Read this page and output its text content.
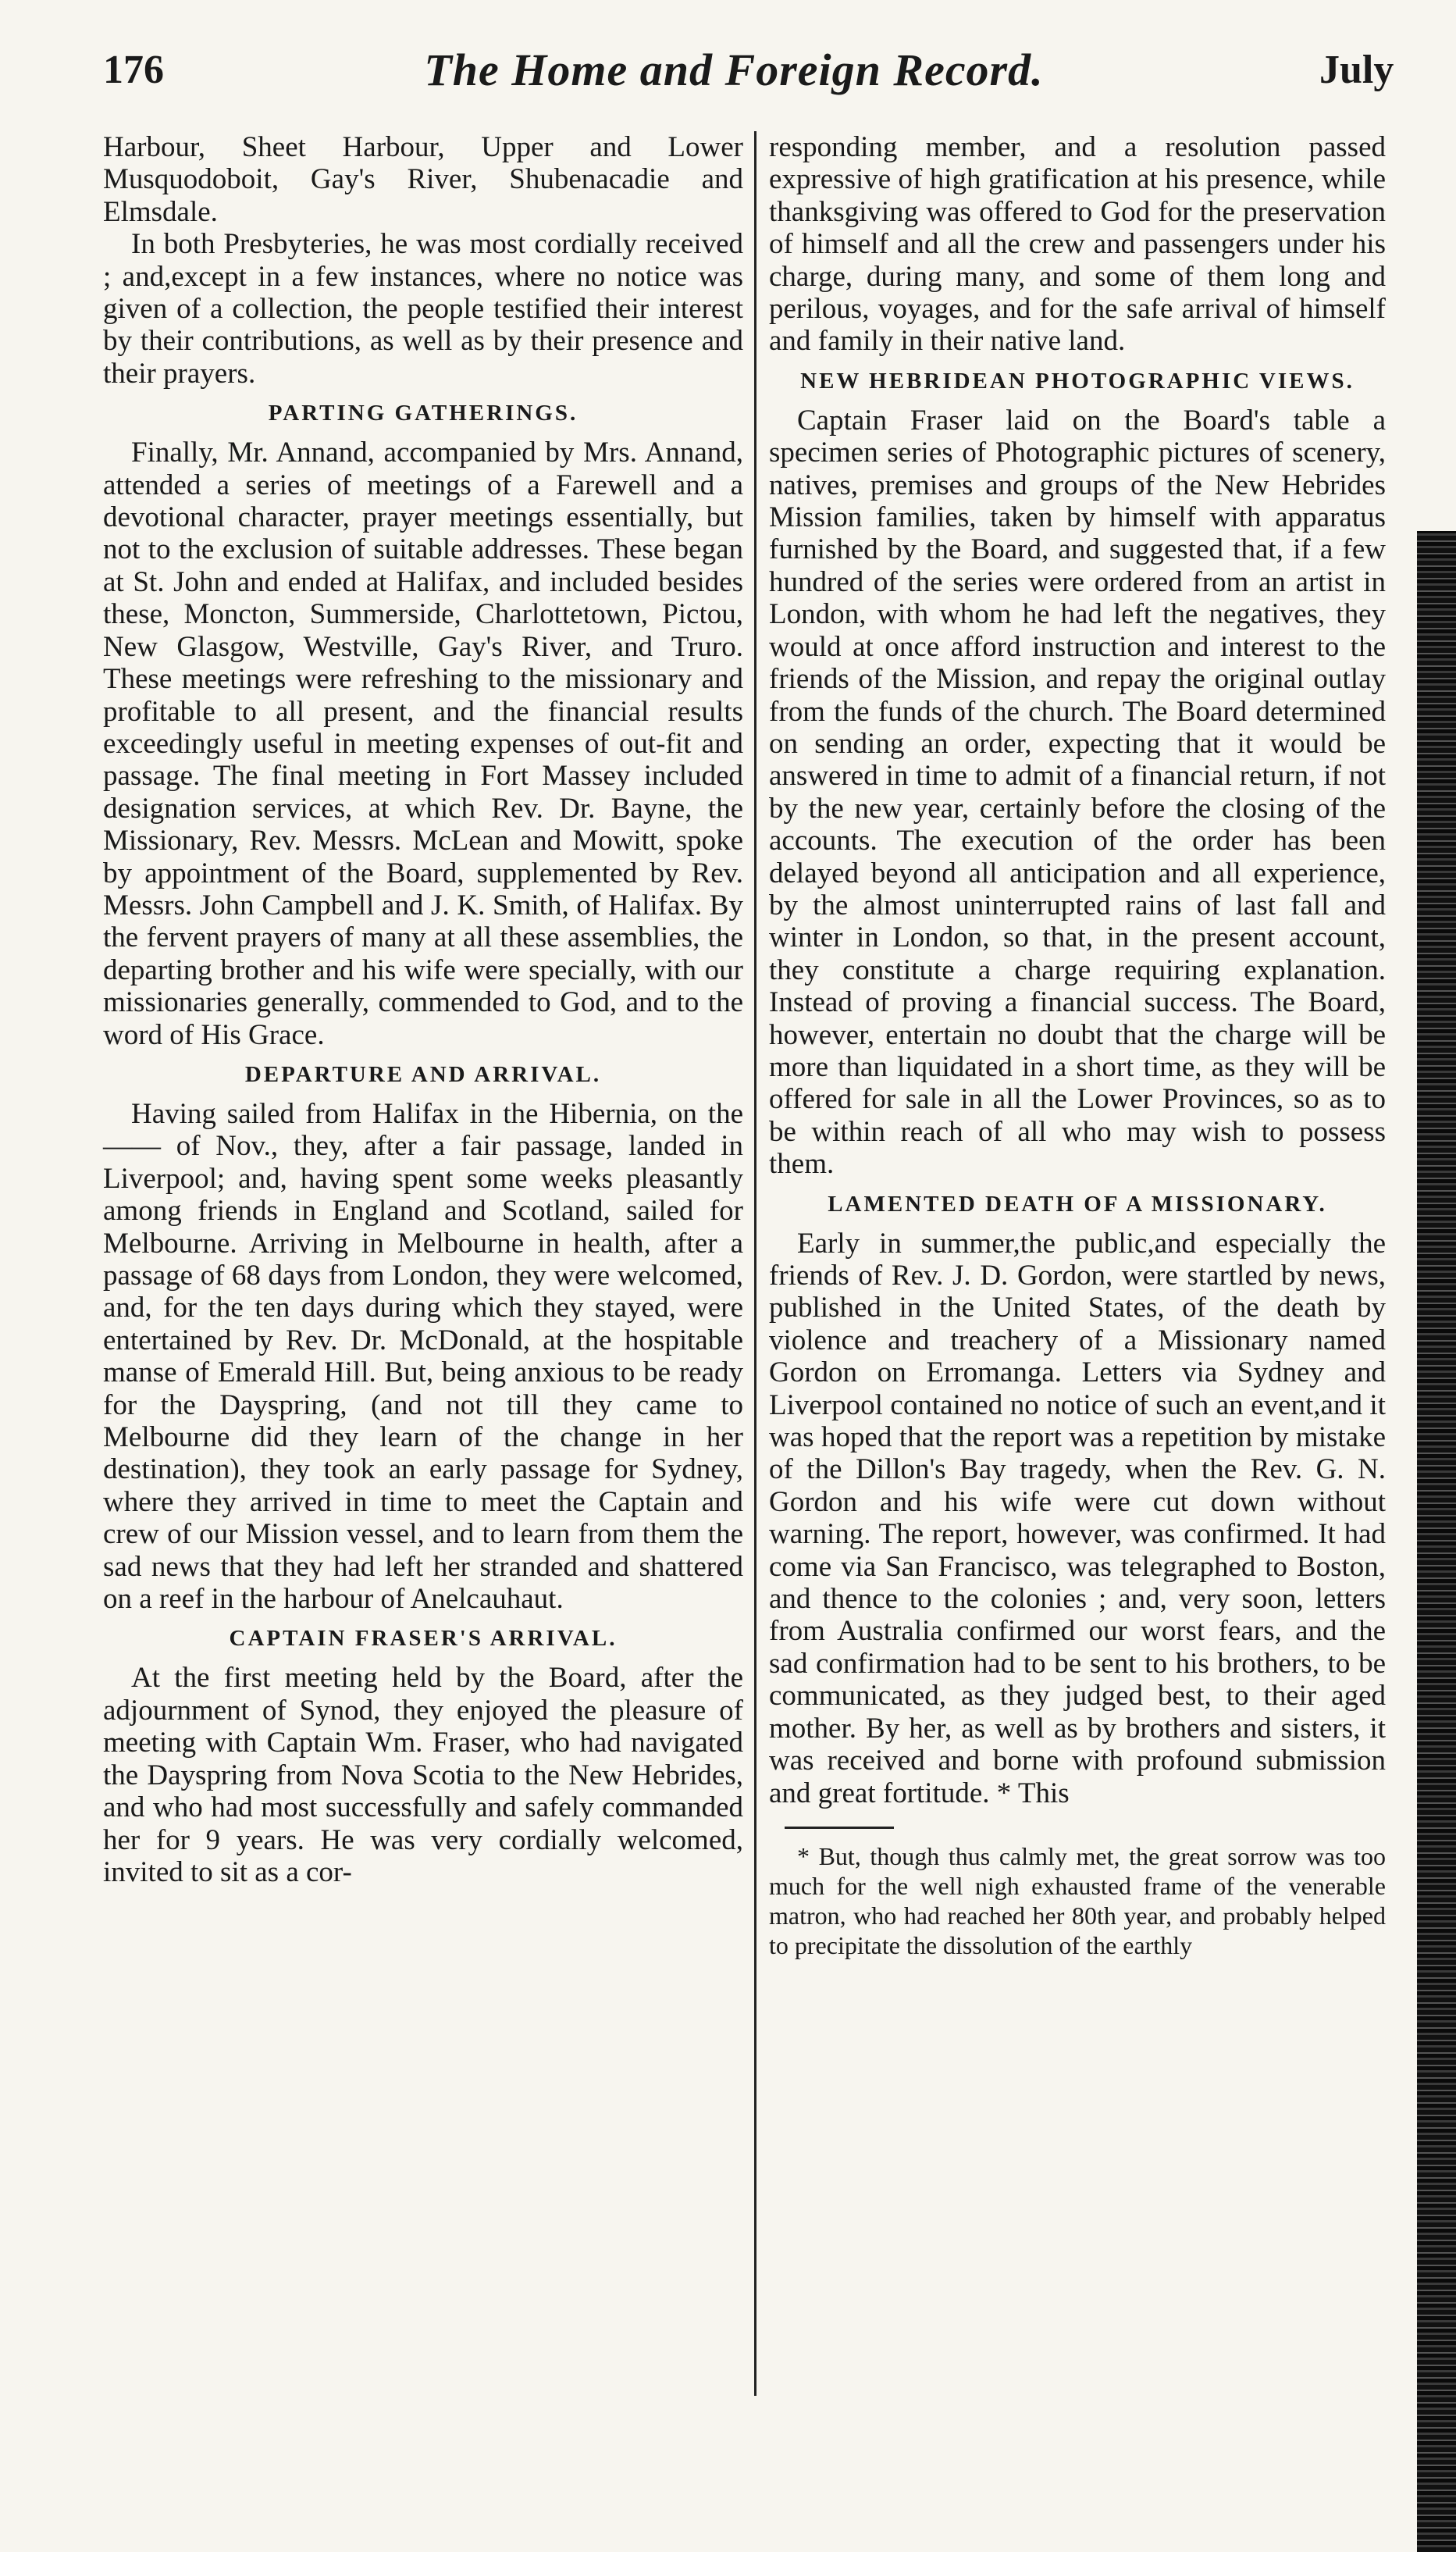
176	The Home and Foreign Record.	July

Harbour, Sheet Harbour, Upper and Lower Musquodoboit, Gay's River, Shubenacadie and Elmsdale.

In both Presbyteries, he was most cordially received ; and,except in a few instances, where no notice was given of a collection, the people testified their interest by their contributions, as well as by their presence and their prayers.

PARTING GATHERINGS.

Finally, Mr. Annand, accompanied by Mrs. Annand, attended a series of meetings of a Farewell and a devotional character, prayer meetings essentially, but not to the exclusion of suitable addresses. These began at St. John and ended at Halifax, and included besides these, Moncton, Summerside, Charlottetown, Pictou, New Glasgow, Westville, Gay's River, and Truro. These meetings were refreshing to the missionary and profitable to all present, and the financial results exceedingly useful in meeting expenses of out-fit and passage. The final meeting in Fort Massey included designation services, at which Rev. Dr. Bayne, the Missionary, Rev. Messrs. McLean and Mowitt, spoke by appointment of the Board, supplemented by Rev. Messrs. John Campbell and J. K. Smith, of Halifax. By the fervent prayers of many at all these assemblies, the departing brother and his wife were specially, with our missionaries generally, commended to God, and to the word of His Grace.

DEPARTURE AND ARRIVAL.

Having sailed from Halifax in the Hibernia, on the —— of Nov., they, after a fair passage, landed in Liverpool; and, having spent some weeks pleasantly among friends in England and Scotland, sailed for Melbourne. Arriving in Melbourne in health, after a passage of 68 days from London, they were welcomed, and, for the ten days during which they stayed, were entertained by Rev. Dr. McDonald, at the hospitable manse of Emerald Hill. But, being anxious to be ready for the Dayspring, (and not till they came to Melbourne did they learn of the change in her destination), they took an early passage for Sydney, where they arrived in time to meet the Captain and crew of our Mission vessel, and to learn from them the sad news that they had left her stranded and shattered on a reef in the harbour of Anelcauhaut.

CAPTAIN FRASER'S ARRIVAL.

At the first meeting held by the Board, after the adjournment of Synod, they enjoyed the pleasure of meeting with Captain Wm. Fraser, who had navigated the Dayspring from Nova Scotia to the New Hebrides, and who had most successfully and safely commanded her for 9 years. He was very cordially welcomed, invited to sit as a cor-

responding member, and a resolution passed expressive of high gratification at his presence, while thanksgiving was offered to God for the preservation of himself and all the crew and passengers under his charge, during many, and some of them long and perilous, voyages, and for the safe arrival of himself and family in their native land.

NEW HEBRIDEAN PHOTOGRAPHIC VIEWS.

Captain Fraser laid on the Board's table a specimen series of Photographic pictures of scenery, natives, premises and groups of the New Hebrides Mission families, taken by himself with apparatus furnished by the Board, and suggested that, if a few hundred of the series were ordered from an artist in London, with whom he had left the negatives, they would at once afford instruction and interest to the friends of the Mission, and repay the original outlay from the funds of the church. The Board determined on sending an order, expecting that it would be answered in time to admit of a financial return, if not by the new year, certainly before the closing of the accounts. The execution of the order has been delayed beyond all anticipation and all experience, by the almost uninterrupted rains of last fall and winter in London, so that, in the present account, they constitute a charge requiring explanation. Instead of proving a financial success. The Board, however, entertain no doubt that the charge will be more than liquidated in a short time, as they will be offered for sale in all the Lower Provinces, so as to be within reach of all who may wish to possess them.

LAMENTED DEATH OF A MISSIONARY.

Early in summer,the public,and especially the friends of Rev. J. D. Gordon, were startled by news, published in the United States, of the death by violence and treachery of a Missionary named Gordon on Erromanga. Letters via Sydney and Liverpool contained no notice of such an event,and it was hoped that the report was a repetition by mistake of the Dillon's Bay tragedy, when the Rev. G. N. Gordon and his wife were cut down without warning. The report, however, was confirmed. It had come via San Francisco, was telegraphed to Boston, and thence to the colonies ; and, very soon, letters from Australia confirmed our worst fears, and the sad confirmation had to be sent to his brothers, to be communicated, as they judged best, to their aged mother. By her, as well as by brothers and sisters, it was received and borne with profound submission and great fortitude. * This

* But, though thus calmly met, the great sorrow was too much for the well nigh exhausted frame of the venerable matron, who had reached her 80th year, and probably helped to precipitate the dissolution of the earthly
